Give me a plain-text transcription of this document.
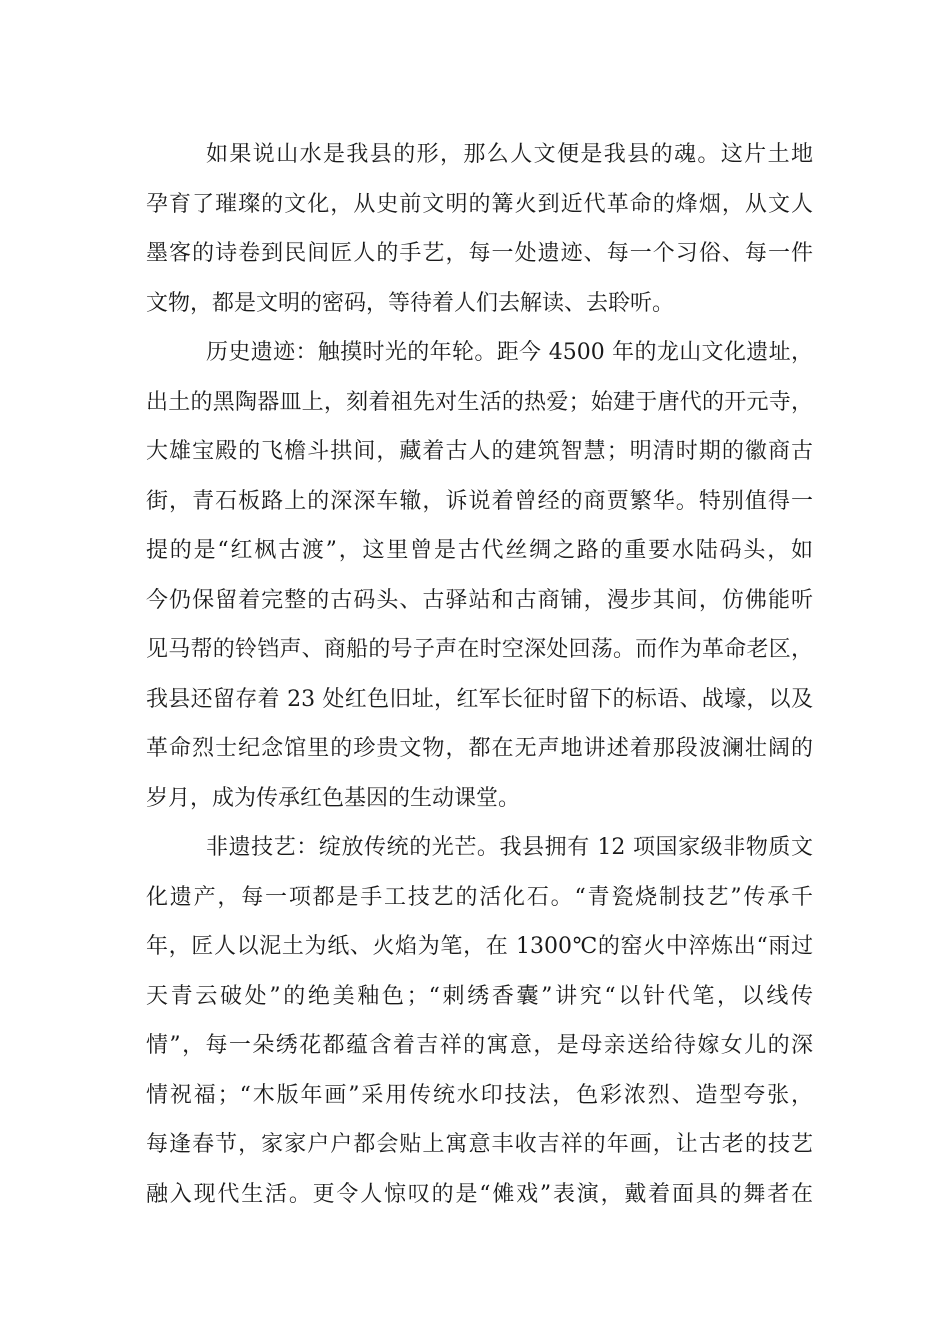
如果说山水是我县的形，那么人文便是我县的魂。这片土地
孕育了璀璨的文化，从史前文明的篝火到近代革命的烽烟，从文人
墨客的诗卷到民间匠人的手艺，每一处遗迹、每一个习俗、每一件
文物，都是文明的密码，等待着人们去解读、去聆听。
历史遗迹：触摸时光的年轮。距今 4500 年的龙山文化遗址，
出土的黑陶器皿上，刻着祖先对生活的热爱；始建于唐代的开元寺，
大雄宝殿的飞檐斗拱间，藏着古人的建筑智慧；明清时期的徽商古
街，青石板路上的深深车辙，诉说着曾经的商贾繁华。特别值得一
提的是“红枫古渡”，这里曾是古代丝绸之路的重要水陆码头，如
今仍保留着完整的古码头、古驿站和古商铺，漫步其间，仿佛能听
见马帮的铃铛声、商船的号子声在时空深处回荡。而作为革命老区，
我县还留存着 23 处红色旧址，红军长征时留下的标语、战壕，以及
革命烈士纪念馆里的珍贵文物，都在无声地讲述着那段波澜壮阔的
岁月，成为传承红色基因的生动课堂。
非遗技艺：绽放传统的光芒。我县拥有 12 项国家级非物质文
化遗产，每一项都是手工技艺的活化石。“青瓷烧制技艺”传承千
年，匠人以泥土为纸、火焰为笔，在 1300℃的窑火中淬炼出“雨过
天青云破处”的绝美釉色；“刺绣香囊”讲究“以针代笔，以线传
情”，每一朵绣花都蕴含着吉祥的寓意，是母亲送给待嫁女儿的深
情祝福；“木版年画”采用传统水印技法，色彩浓烈、造型夸张，
每逢春节，家家户户都会贴上寓意丰收吉祥的年画，让古老的技艺
融入现代生活。更令人惊叹的是“傩戏”表演，戴着面具的舞者在
